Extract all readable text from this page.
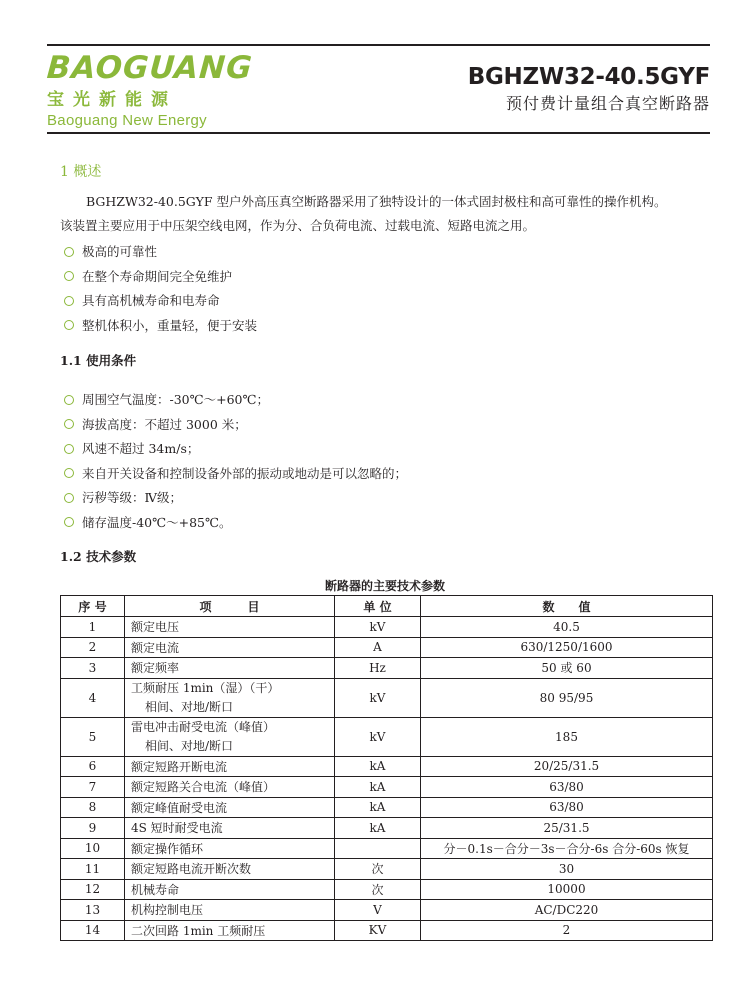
BAOGUANG
宝光新能源
Baoguang New Energy
BGHZW32-40.5GYF
预付费计量组合真空断路器
1 概述
BGHZW32-40.5GYF 型户外高压真空断路器采用了独特设计的一体式固封极柱和高可靠性的操作机构。
该装置主要应用于中压架空线电网，作为分、合负荷电流、过载电流、短路电流之用。
极高的可靠性
在整个寿命期间完全免维护
具有高机械寿命和电寿命
整机体积小，重量轻，便于安装
1.1 使用条件
周围空气温度：-30℃～+60℃；
海拔高度：不超过 3000 米；
风速不超过 34m/s；
来自开关设备和控制设备外部的振动或地动是可以忽略的；
污秽等级：Ⅳ级；
储存温度-40℃～+85℃。
1.2 技术参数
断路器的主要技术参数
序 号	项　　　目	单 位	数　　值
1	额定电压	kV	40.5
2	额定电流	A	630/1250/1600
3	额定频率	Hz	50 或 60
4	工频耐压 1min（湿）（干）
相间、对地/断口	kV	80 95/95
5	雷电冲击耐受电流（峰值）
相间、对地/断口	kV	185
6	额定短路开断电流	kA	20/25/31.5
7	额定短路关合电流（峰值）	kA	63/80
8	额定峰值耐受电流	kA	63/80
9	4S 短时耐受电流	kA	25/31.5
10	额定操作循环		分－0.1s－合分－3s－合分-6s 合分-60s 恢复
11	额定短路电流开断次数	次	30
12	机械寿命	次	10000
13	机构控制电压	V	AC/DC220
14	二次回路 1min 工频耐压	KV	2
